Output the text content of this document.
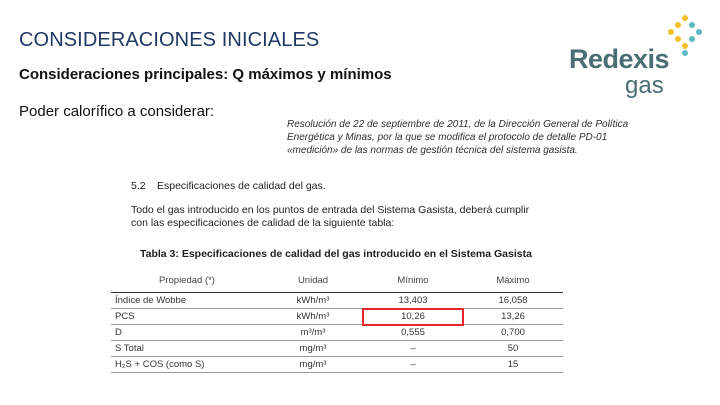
CONSIDERACIONES INICIALES
Consideraciones principales: Q máximos y mínimos
Poder calorífico a considerar:
Redexis
gas
Resolución de 22 de septiembre de 2011, de la Dirección General de Política
Energética y Minas, por la que se modifica el protocolo de detalle PD-01
«medición» de las normas de gestión técnica del sistema gasista.
5.2 Especificaciones de calidad del gas.
Todo el gas introducido en los puntos de entrada del Sistema Gasista, deberá cumplir
con las especificaciones de calidad de la siguiente tabla:
Tabla 3: Especificaciones de calidad del gas introducido en el Sistema Gasista
Propiedad (*)	Unidad	Mínimo	Máximo
Índice de Wobbe	kWh/m³	13,403	16,058
PCS	kWh/m³	10,26	13,26
D	m³/m³	0,555	0,700
S Total	mg/m³	–	50
H₂S + COS (como S)	mg/m³	–	15
